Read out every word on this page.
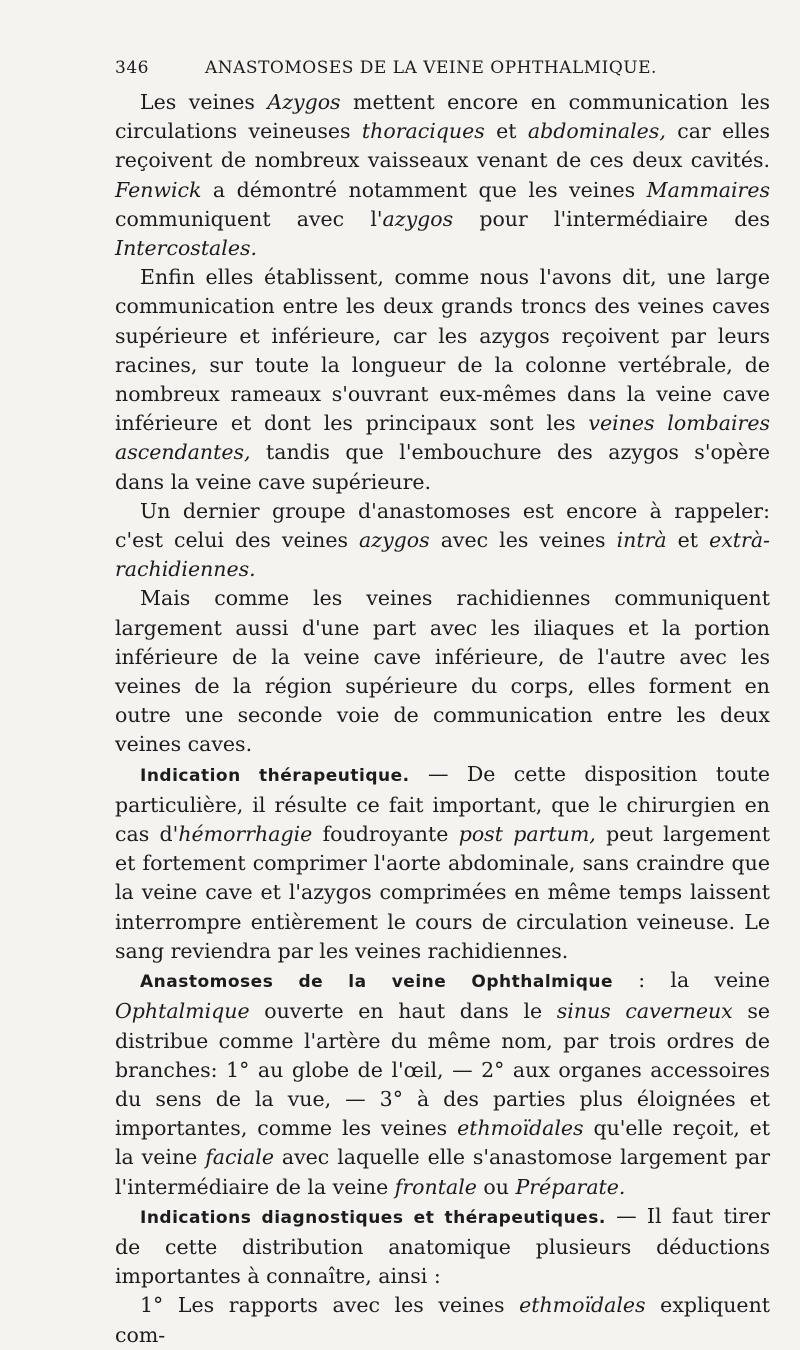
346	ANASTOMOSES DE LA VEINE OPHTHALMIQUE.

Les veines Azygos mettent encore en communication les circulations veineuses thoraciques et abdominales, car elles reçoivent de nombreux vaisseaux venant de ces deux cavités. Fenwick a démontré notamment que les veines Mammaires communiquent avec l'azygos pour l'intermédiaire des Intercostales.

Enfin elles établissent, comme nous l'avons dit, une large communication entre les deux grands troncs des veines caves supérieure et inférieure, car les azygos reçoivent par leurs racines, sur toute la longueur de la colonne vertébrale, de nombreux rameaux s'ouvrant eux-mêmes dans la veine cave inférieure et dont les principaux sont les veines lombaires ascendantes, tandis que l'embouchure des azygos s'opère dans la veine cave supérieure.

Un dernier groupe d'anastomoses est encore à rappeler: c'est celui des veines azygos avec les veines intrà et extrà-rachidiennes.

Mais comme les veines rachidiennes communiquent largement aussi d'une part avec les iliaques et la portion inférieure de la veine cave inférieure, de l'autre avec les veines de la région supérieure du corps, elles forment en outre une seconde voie de communication entre les deux veines caves.

Indication thérapeutique. — De cette disposition toute particulière, il résulte ce fait important, que le chirurgien en cas d'hémorrhagie foudroyante post partum, peut largement et fortement comprimer l'aorte abdominale, sans craindre que la veine cave et l'azygos comprimées en même temps laissent interrompre entièrement le cours de circulation veineuse. Le sang reviendra par les veines rachidiennes.

Anastomoses de la veine Ophthalmique : la veine Ophtalmique ouverte en haut dans le sinus caverneux se distribue comme l'artère du même nom, par trois ordres de branches: 1° au globe de l'œil, — 2° aux organes accessoires du sens de la vue, — 3° à des parties plus éloignées et importantes, comme les veines ethmoïdales qu'elle reçoit, et la veine faciale avec laquelle elle s'anastomose largement par l'intermédiaire de la veine frontale ou Préparate.

Indications diagnostiques et thérapeutiques. — Il faut tirer de cette distribution anatomique plusieurs déductions importantes à connaître, ainsi :

1° Les rapports avec les veines ethmoïdales expliquent com-
